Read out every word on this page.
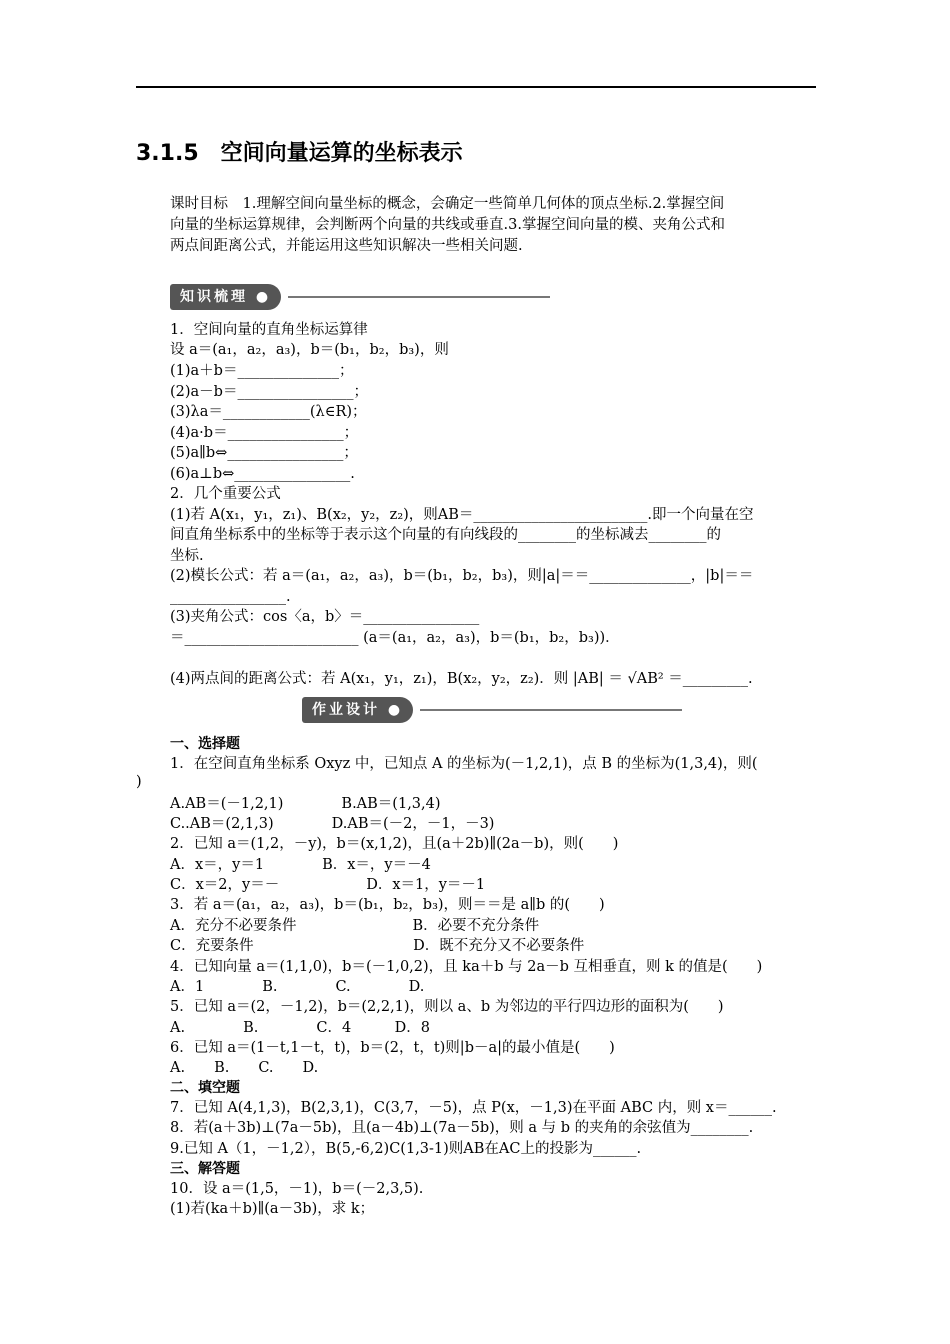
3.1.5　空间向量运算的坐标表示
课时目标　1.理解空间向量坐标的概念，会确定一些简单几何体的顶点坐标.2.掌握空间
向量的坐标运算规律，会判断两个向量的共线或垂直.3.掌握空间向量的模、夹角公式和
两点间距离公式，并能运用这些知识解决一些相关问题.
知识梳理 ●
1．空间向量的直角坐标运算律
设 a＝(a₁，a₂，a₃)，b＝(b₁，b₂，b₃)，则
(1)a＋b＝______________；
(2)a－b＝________________；
(3)λa＝____________(λ∈R)；
(4)a·b＝________________；
(5)a∥b⇔________________；
(6)a⊥b⇔________________.
2．几个重要公式
(1)若 A(x₁，y₁，z₁)、B(x₂，y₂，z₂)，则AB＝________________________.即一个向量在空
间直角坐标系中的坐标等于表示这个向量的有向线段的________的坐标减去________的
坐标.
(2)模长公式：若 a＝(a₁，a₂，a₃)，b＝(b₁，b₂，b₃)，则|a|＝＝______________，|b|＝＝
________________.
(3)夹角公式：cos〈a，b〉＝________________
＝________________________ (a＝(a₁，a₂，a₃)，b＝(b₁，b₂，b₃))．
(4)两点间的距离公式：若 A(x₁，y₁，z₁)，B(x₂，y₂，z₂)．则 |AB| ＝ √AB² ＝_________.
作业设计 ●
一、选择题
1．在空间直角坐标系 Oxyz 中，已知点 A 的坐标为(－1,2,1)，点 B 的坐标为(1,3,4)，则(
)
A.AB＝(－1,2,1)　　　　B.AB＝(1,3,4)
C..AB＝(2,1,3)　　　　D.AB＝(－2，－1，－3)
2．已知 a＝(1,2，－y)，b＝(x,1,2)，且(a＋2b)∥(2a－b)，则(　　)
A．x＝，y＝1　　　　B．x＝，y＝－4
C．x＝2，y＝－　　　　　　D．x＝1，y＝－1
3．若 a＝(a₁，a₂，a₃)，b＝(b₁，b₂，b₃)，则＝＝是 a∥b 的(　　)
A．充分不必要条件　　　　　　　　B．必要不充分条件
C．充要条件　　　　　　　　　　　D．既不充分又不必要条件
4．已知向量 a＝(1,1,0)，b＝(－1,0,2)，且 ka＋b 与 2a－b 互相垂直，则 k 的值是(　　)
A．1　　　　B.　　　　C.　　　　D.
5．已知 a＝(2，－1,2)，b＝(2,2,1)，则以 a、b 为邻边的平行四边形的面积为(　　)
A.　　　　B.　　　　C．4　　　D．8
6．已知 a＝(1－t,1－t，t)，b＝(2，t，t)则|b－a|的最小值是(　　)
A.　　B.　　C.　　D.
二、填空题
7．已知 A(4,1,3)，B(2,3,1)，C(3,7，－5)，点 P(x，－1,3)在平面 ABC 内，则 x＝______.
8．若(a＋3b)⊥(7a－5b)，且(a－4b)⊥(7a－5b)，则 a 与 b 的夹角的余弦值为________.
9.已知 A（1，－1,2），B(5,-6,2)C(1,3-1)则AB在AC上的投影为______.
三、解答题
10．设 a＝(1,5，－1)，b＝(－2,3,5).
(1)若(ka＋b)∥(a－3b)，求 k；
